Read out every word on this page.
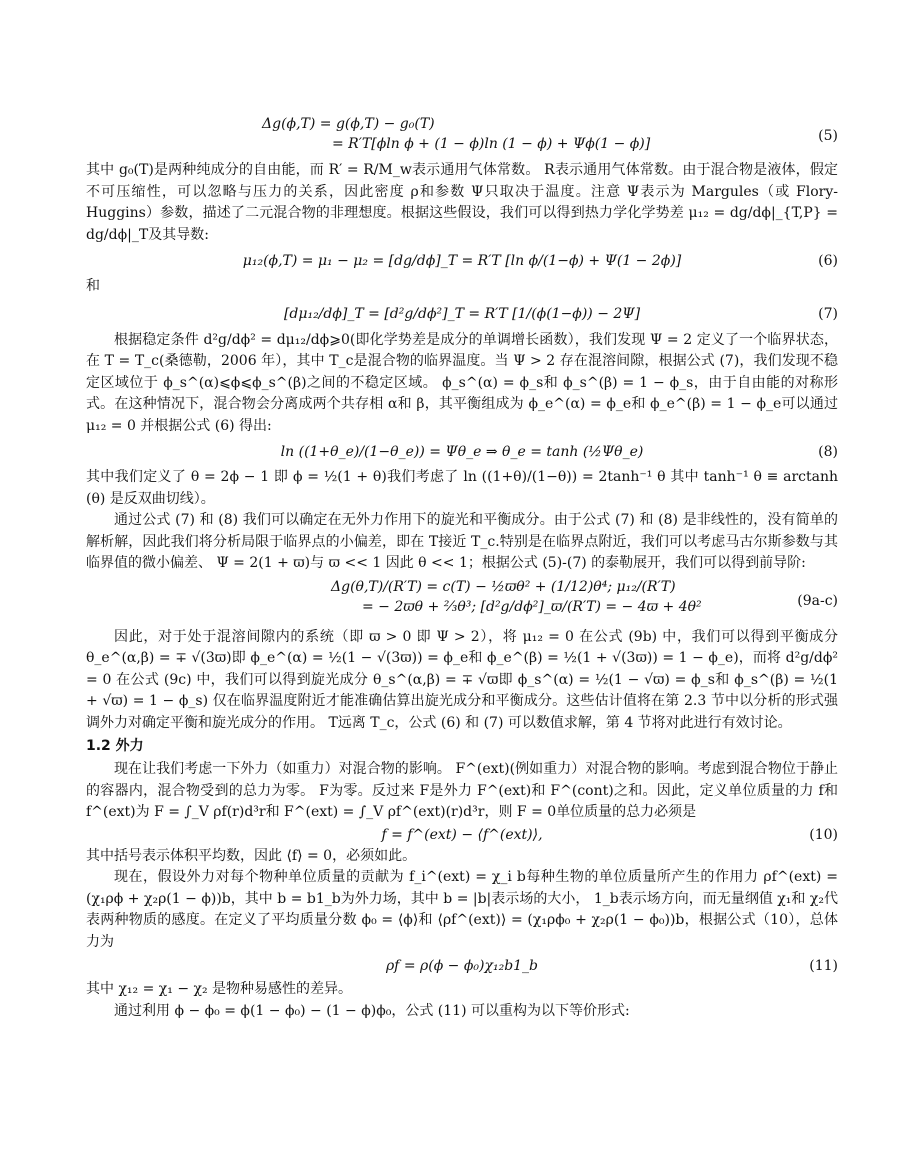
Δg(ϕ,T) = g(ϕ,T) − g₀(T)
= R′T[ϕln ϕ + (1 − ϕ)ln (1 − ϕ) + Ψϕ(1 − ϕ)]	(5)

其中 g₀(T)是两种纯成分的自由能，而 R′ = R/M_w表示通用气体常数。 R表示通用气体常数。由于混合物是液体，假定不可压缩性，可以忽略与压力的关系，因此密度 ρ和参数 Ψ只取决于温度。注意 Ψ表示为 Margules（或 Flory-Huggins）参数，描述了二元混合物的非理想度。根据这些假设，我们可以得到热力学化学势差 μ₁₂ = dg/dϕ|_{T,P} = dg/dϕ|_T及其导数:

μ₁₂(ϕ,T) = μ₁ − μ₂ = [dg/dϕ]_T = R′T [ln ϕ/(1−ϕ) + Ψ(1 − 2ϕ)]	(6)
和
[dμ₁₂/dϕ]_T = [d²g/dϕ²]_T = R′T [1/(ϕ(1−ϕ)) − 2Ψ]	(7)

根据稳定条件 d²g/dϕ² = dμ₁₂/dϕ⩾0(即化学势差是成分的单调增长函数），我们发现 Ψ = 2 定义了一个临界状态，在 T = T_c(桑德勒，2006 年），其中 T_c是混合物的临界温度。当 Ψ > 2 存在混溶间隙，根据公式 (7)，我们发现不稳定区域位于 ϕ_s^(α)⩽ϕ⩽ϕ_s^(β)之间的不稳定区域。 ϕ_s^(α) = ϕ_s和 ϕ_s^(β) = 1 − ϕ_s，由于自由能的对称形式。在这种情况下，混合物会分离成两个共存相 α和 β，其平衡组成为 ϕ_e^(α) = ϕ_e和 ϕ_e^(β) = 1 − ϕ_e可以通过 μ₁₂ = 0 并根据公式 (6) 得出:

ln ((1+θ_e)/(1−θ_e)) = Ψθ_e ⇒ θ_e = tanh (½Ψθ_e)	(8)

其中我们定义了 θ = 2ϕ − 1 即 ϕ = ½(1 + θ)我们考虑了 ln ((1+θ)/(1−θ)) = 2tanh⁻¹ θ 其中 tanh⁻¹ θ ≡ arctanh (θ) 是反双曲切线）。

通过公式 (7) 和 (8) 我们可以确定在无外力作用下的旋光和平衡成分。由于公式 (7) 和 (8) 是非线性的，没有简单的解析解，因此我们将分析局限于临界点的小偏差，即在 T接近 T_c.特别是在临界点附近，我们可以考虑马古尔斯参数与其临界值的微小偏差、 Ψ = 2(1 + ϖ)与 ϖ << 1 因此 θ << 1；根据公式 (5)-(7) 的泰勒展开，我们可以得到前导阶:

Δg(θ,T)/(R′T) = c(T) − ½ϖθ² + (1/12)θ⁴; μ₁₂/(R′T)
= − 2ϖθ + ⅔θ³; [d²g/dϕ²]_ϖ/(R′T) = − 4ϖ + 4θ²	(9a-c)

因此，对于处于混溶间隙内的系统（即 ϖ > 0 即 Ψ > 2），将 μ₁₂ = 0 在公式 (9b) 中，我们可以得到平衡成分 θ_e^(α,β) = ∓ √(3ϖ)即 ϕ_e^(α) = ½(1 − √(3ϖ)) = ϕ_e和 ϕ_e^(β) = ½(1 + √(3ϖ)) = 1 − ϕ_e)，而将 d²g/dϕ² = 0 在公式 (9c) 中，我们可以得到旋光成分 θ_s^(α,β) = ∓ √ϖ即 ϕ_s^(α) = ½(1 − √ϖ) = ϕ_s和 ϕ_s^(β) = ½(1 + √ϖ) = 1 − ϕ_s) 仅在临界温度附近才能准确估算出旋光成分和平衡成分。这些估计值将在第 2.3 节中以分析的形式强调外力对确定平衡和旋光成分的作用。 T远离 T_c，公式 (6) 和 (7) 可以数值求解，第 4 节将对此进行有效讨论。

1.2 外力

现在让我们考虑一下外力（如重力）对混合物的影响。 F^(ext)(例如重力）对混合物的影响。考虑到混合物位于静止的容器内，混合物受到的总力为零。 F为零。反过来 F是外力 F^(ext)和 F^(cont)之和。因此，定义单位质量的力 f和 f^(ext)为 F = ∫_V ρf(r)d³r和 F^(ext) = ∫_V ρf^(ext)(r)d³r，则 F = 0单位质量的总力必须是

f = f^(ext) − ⟨f^(ext)⟩,	(10)

其中括号表示体积平均数，因此 ⟨f⟩ = 0，必须如此。

现在，假设外力对每个物种单位质量的贡献为 f_i^(ext) = χ_i b每种生物的单位质量所产生的作用力 ρf^(ext) = (χ₁ρϕ + χ₂ρ(1 − ϕ))b，其中 b = b1_b为外力场，其中 b = |b|表示场的大小， 1_b表示场方向，而无量纲值 χ₁和 χ₂代表两种物质的感度。在定义了平均质量分数 ϕ₀ = ⟨ϕ⟩和 ⟨ρf^(ext)⟩ = (χ₁ρϕ₀ + χ₂ρ(1 − ϕ₀))b，根据公式（10），总体力为

ρf = ρ(ϕ − ϕ₀)χ₁₂b1_b	(11)

其中 χ₁₂ = χ₁ − χ₂ 是物种易感性的差异。

通过利用 ϕ − ϕ₀ = ϕ(1 − ϕ₀) − (1 − ϕ)ϕ₀，公式 (11) 可以重构为以下等价形式:
